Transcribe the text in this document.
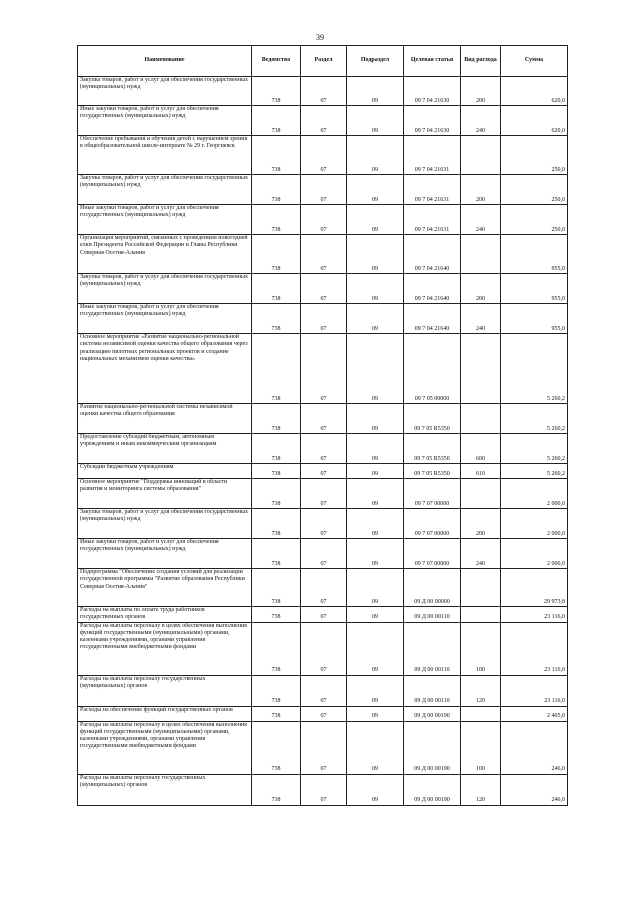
39
Наименование	Ведомство	Раздел	Подраздел	Целевая статья	Вид расхода	Сумма
Закупка товаров, работ и услуг для обеспечения государственных (муниципальных) нужд	738	07	09	09 7 04 21630	200	620,0
Иные закупки товаров, работ и услуг для обеспечения государственных (муниципальных) нужд	738	07	09	09 7 04 21630	240	620,0
Обеспечение пребывания и обучения детей с нарушением зрения в общеобразовательной школе-интернате № 29 г. Георгиевск	738	07	09	09 7 04 21631		250,0
Закупка товаров, работ и услуг для обеспечения государственных (муниципальных) нужд	738	07	09	09 7 04 21631	200	250,0
Иные закупки товаров, работ и услуг для обеспечения государственных (муниципальных) нужд	738	07	09	09 7 04 21631	240	250,0
Организация мероприятий, связанных с проведением новогодней елки Президента Российской Федерации и Главы Республики Северная Осетия-Алания	738	07	09	09 7 04 21640		955,0
Закупка товаров, работ и услуг для обеспечения государственных (муниципальных) нужд	738	07	09	09 7 04 21640	200	955,0
Иные закупки товаров, работ и услуг для обеспечения государственных (муниципальных) нужд	738	07	09	09 7 04 21640	240	955,0
Основное мероприятие «Развитие национально-региональной системы независимой оценки качества общего образования через реализацию пилотных региональных проектов и создание национальных механизмов оценки качества»	738	07	09	09 7 05 00000		5 260,2
Развитие национально-региональной системы независимой оценки качества общего образования	738	07	09	09 7 05 R5350		5 260,2
Предоставление субсидий бюджетным, автономным учреждениям и иным некоммерческим организациям	738	07	09	09 7 05 R5350	600	5 260,2
Субсидии бюджетным учреждениям	738	07	09	09 7 05 R5350	610	5 260,2
Основное мероприятие "Поддержка инноваций в области развития и мониторинга системы образования"	738	07	09	09 7 07 00000		2 000,0
Закупка товаров, работ и услуг для обеспечения государственных (муниципальных) нужд	738	07	09	09 7 07 00000	200	2 000,0
Иные закупки товаров, работ и услуг для обеспечения государственных (муниципальных) нужд	738	07	09	09 7 07 00000	240	2 000,0
Подпрограмма "Обеспечение создания условий для реализации государственной программы "Развитие образования Республики Северная Осетия-Алания"	738	07	09	09 Д 00 00000		29 973,8
Расходы на выплаты по оплате труда работников государственных органов	738	07	09	09 Д 00 00110		23 116,0
Расходы на выплаты персоналу в целях обеспечения выполнения функций государственными (муниципальными) органами, казенными учреждениями, органами управления государственными внебюджетными фондами	738	07	09	09 Д 00 00110	100	23 116,0
Расходы на выплаты персоналу государственных (муниципальных) органов	738	07	09	09 Д 00 00110	120	23 116,0
Расходы на обеспечение функций государственных органов	738	07	09	09 Д 00 00190		2 405,0
Расходы на выплаты персоналу в целях обеспечения выполнения функций государственными (муниципальными) органами, казенными учреждениями, органами управления государственными внебюджетными фондами	738	07	09	09 Д 00 00190	100	246,0
Расходы на выплаты персоналу государственных (муниципальных) органов	738	07	09	09 Д 00 00190	120	246,0
